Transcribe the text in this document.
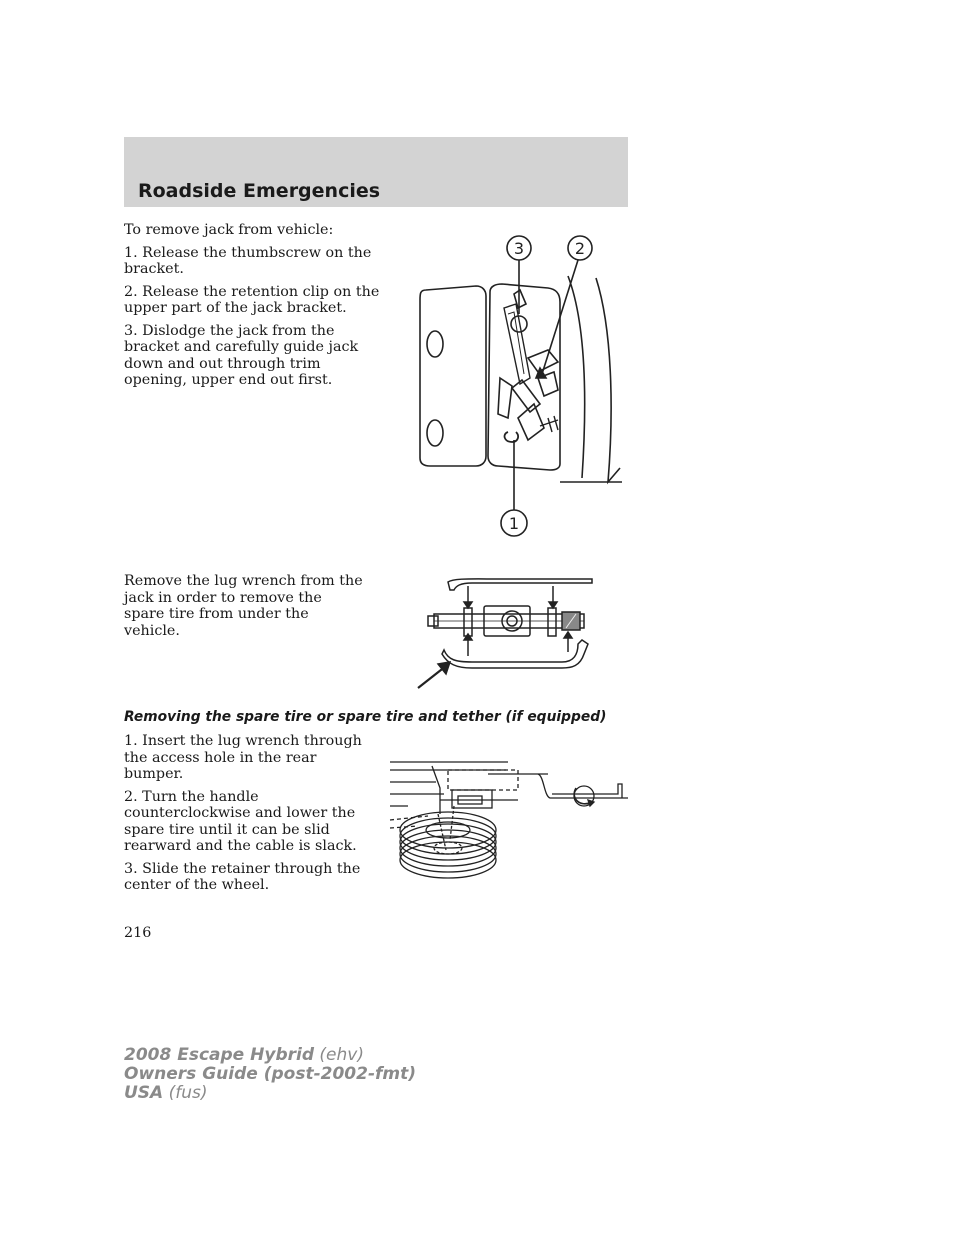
Roadside Emergencies

To remove jack from vehicle:

1. Release the thumbscrew on the bracket.

2. Release the retention clip on the upper part of the jack bracket.

3. Dislodge the jack from the bracket and carefully guide jack down and out through trim opening, upper end out first.

3	2
1

Remove the lug wrench from the jack in order to remove the spare tire from under the vehicle.

Removing the spare tire or spare tire and tether (if equipped)

1. Insert the lug wrench through the access hole in the rear bumper.

2. Turn the handle counterclockwise and lower the spare tire until it can be slid rearward and the cable is slack.

3. Slide the retainer through the center of the wheel.

216
2008 Escape Hybrid (ehv)
Owners Guide (post-2002-fmt)
USA (fus)
